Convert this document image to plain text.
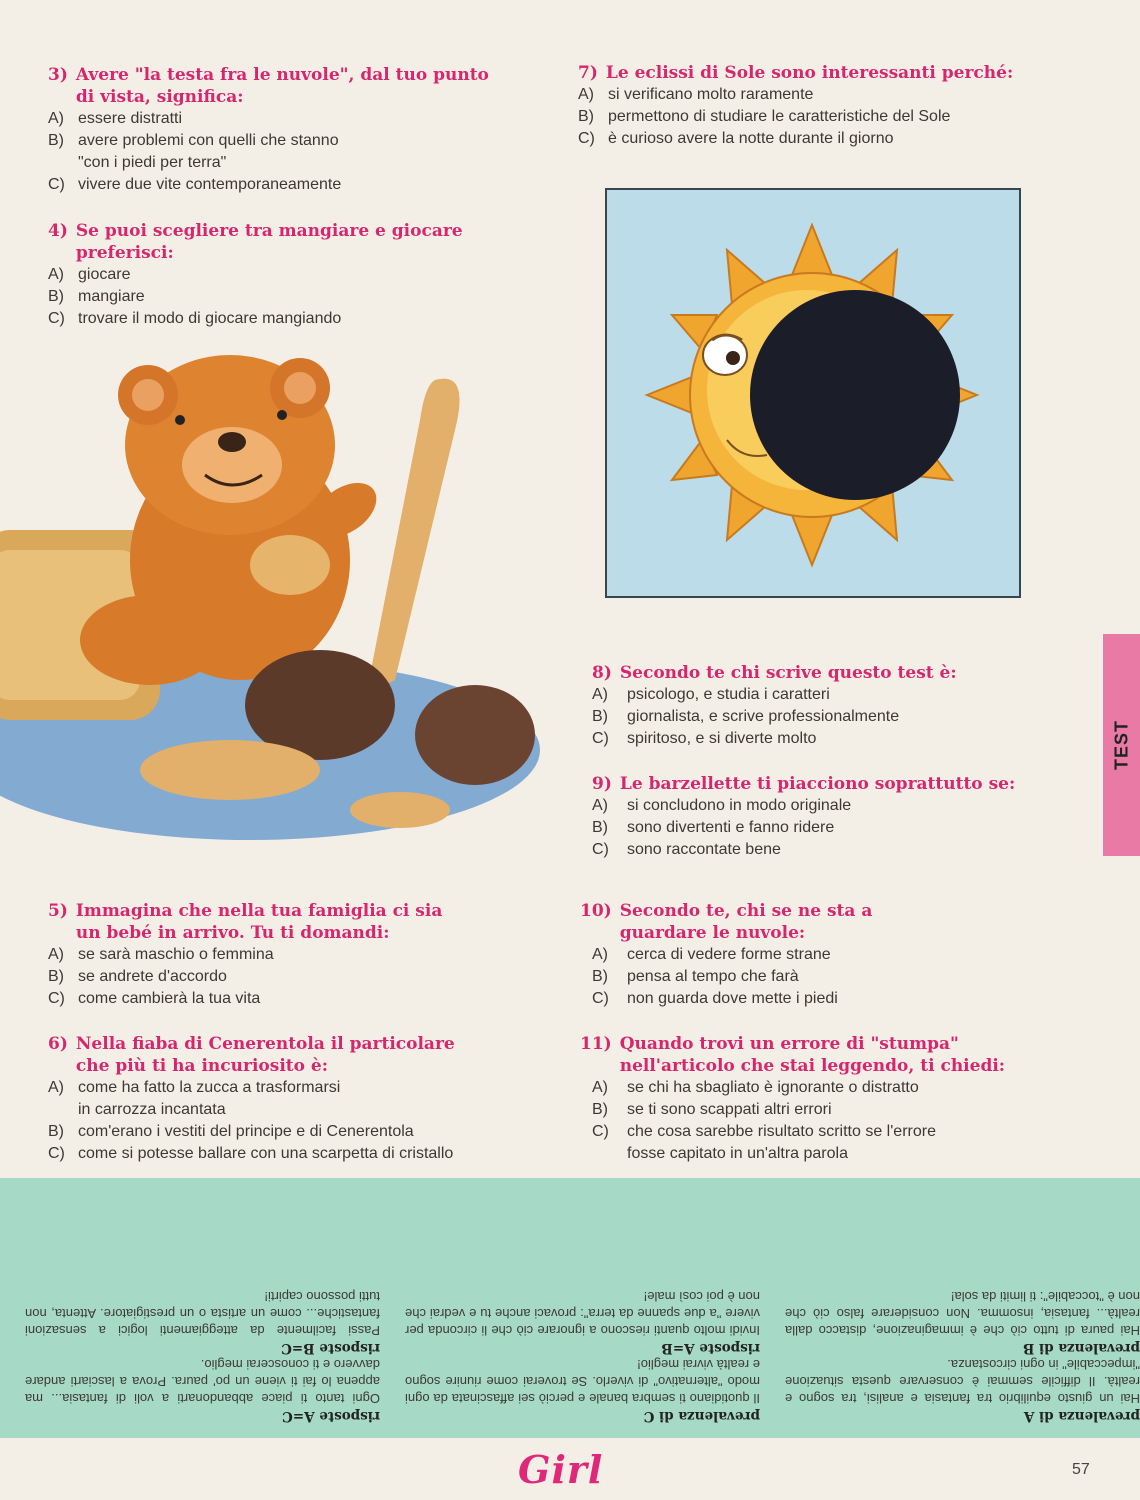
3) Avere "la testa fra le nuvole", dal tuo punto
di vista, significa:
A) essere distratti
B) avere problemi con quelli che stanno
"con i piedi per terra"
C) vivere due vite contemporaneamente
4) Se puoi scegliere tra mangiare e giocare
preferisci:
A) giocare
B) mangiare
C) trovare il modo di giocare mangiando
7) Le eclissi di Sole sono interessanti perché:
A) si verificano molto raramente
B) permettono di studiare le caratteristiche del Sole
C) è curioso avere la notte durante il giorno
TEST
8) Secondo te chi scrive questo test è:
A)	psicologo, e studia i caratteri
B)	giornalista, e scrive professionalmente
C)	spiritoso, e si diverte molto
9) Le barzellette ti piacciono soprattutto se:
A)	si concludono in modo originale
B)	sono divertenti e fanno ridere
C)	sono raccontate bene
5) Immagina che nella tua famiglia ci sia
un bebé in arrivo. Tu ti domandi:
A) se sarà maschio o femmina
B) se andrete d'accordo
C) come cambierà la tua vita
6) Nella fiaba di Cenerentola il particolare
che più ti ha incuriosito è:
A) come ha fatto la zucca a trasformarsi
in carrozza incantata
B) com'erano i vestiti del principe e di Cenerentola
C) come si potesse ballare con una scarpetta di cristallo
10) Secondo te, chi se ne sta a
guardare le nuvole:
A)	cerca di vedere forme strane
B)	pensa al tempo che farà
C)	non guarda dove mette i piedi
11) Quando trovi un errore di "stumpa"
nell'articolo che stai leggendo, ti chiedi:
A)	se chi ha sbagliato è ignorante o distratto
B)	se ti sono scappati altri errori
C)	che cosa sarebbe risultato scritto se l'errore
fosse capitato in un'altra parola
prevalenza di A

Hai un giusto equilibrio tra fantasia e analisi, tra sogno e realtà. Il difficile semmai è conservare questa situazione "impeccabile" in ogni circostanza.

prevalenza di B

Hai paura di tutto ciò che è immaginazione, distacco dalla realtà... fantasia, insomma. Non considerare falso ciò che non è "toccabile": ti limiti da sola!

prevalenza di C

Il quotidiano ti sembra banale e perciò sei affascinata da ogni modo "alternativo" di viverlo. Se troverai come riunire sogno e realtà vivrai meglio!

risposte A=B

Invidi molto quanti riescono a ignorare ciò che li circonda per vivere "a due spanne da terra": provaci anche tu e vedrai che non è poi così male!

risposte A=C

Ogni tanto ti piace abbandonarti a voli di fantasia... ma appena lo fai ti viene un po' paura. Prova a lasciarti andare davvero e ti conoscerai meglio.

risposte B=C

Passi facilmente da atteggiamenti logici a sensazioni fantastiche... come un artista o un prestigiatore. Attenta, non tutti possono capirti!

Girl	57
